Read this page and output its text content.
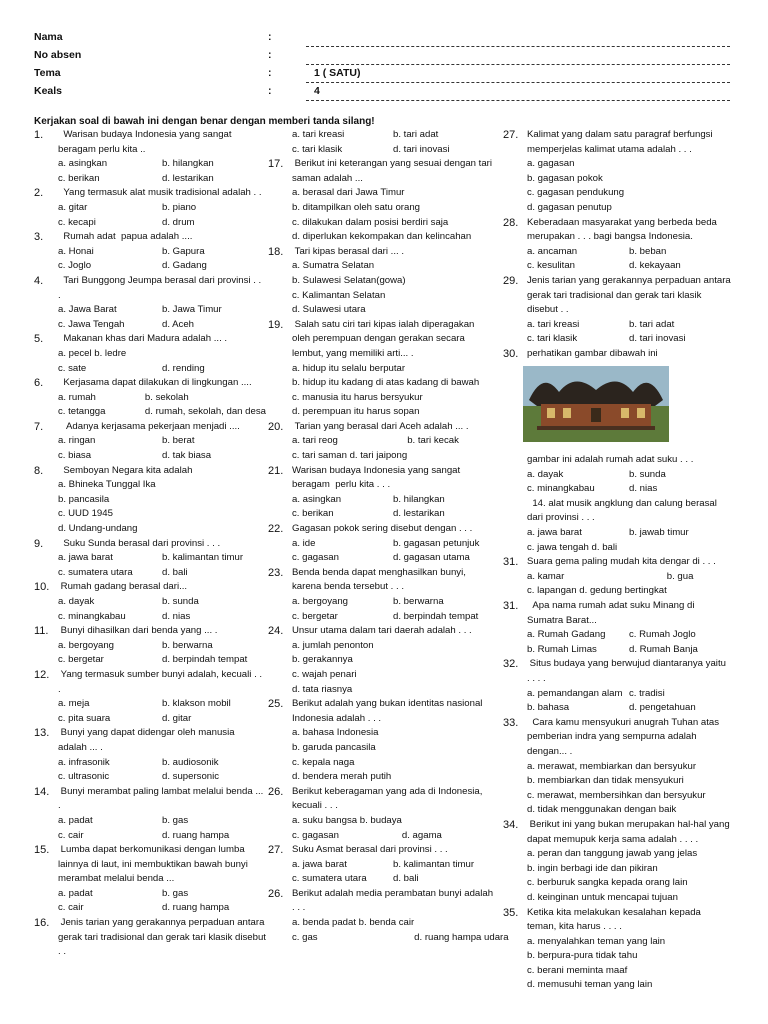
Nama	:
No absen	:
Tema	:	1 ( SATU)
Keals	:	4
Kerjakan soal di bawah ini dengan benar dengan memberi tanda silang!
1. Warisan budaya Indonesia yang sangat beragam perlu kita ..
a. asingkan	b. hilangkan
c. berikan	d. lestarikan
2. Yang termasuk alat musik tradisional adalah . .
a. gitar	b. piano
c. kecapi	d. drum
3. Rumah adat  papua adalah ....
a. Honai	b. Gapura
c. Joglo	d. Gadang
4. Tari Bunggong Jeumpa berasal dari provinsi . . .
a. Jawa Barat	b. Jawa Timur
c. Jawa Tengah	d. Aceh
5. Makanan khas dari Madura adalah ... .
a. pecel b. ledre
c. sate	d. rending
6. Kerjasama dapat dilakukan di lingkungan ....
a. rumah	b. sekolah
c. tetangga	d. rumah, sekolah, dan desa
7. Adanya kerjasama pekerjaan menjadi ....
a. ringan	b. berat
c. biasa	d. tak biasa
8. Semboyan Negara kita adalah
a. Bhineka Tunggal Ika
b. pancasila
c. UUD 1945
d. Undang-undang
9. Suku Sunda berasal dari provinsi . . .
a. jawa barat	b. kalimantan timur
c. sumatera utara	d. bali
10. Rumah gadang berasal dari...
a. dayak	b. sunda
c. minangkabau	d. nias
11. Bunyi dihasilkan dari benda yang ... .
a. bergoyang	b. berwarna
c. bergetar	d. berpindah tempat
12. Yang termasuk sumber bunyi adalah, kecuali . . .
a. meja	b. klakson mobil
c. pita suara	d. gitar
13. Bunyi yang dapat didengar oleh manusia   adalah ... .
a. infrasonik	b. audiosonik
c. ultrasonic	d. supersonic
14. Bunyi merambat paling lambat melalui benda ... .
a. padat	b. gas
c. cair	d. ruang hampa
15. Lumba dapat berkomunikasi dengan lumba lainnya di laut, ini membuktikan bawah bunyi merambat melalui benda ...
a. padat	b. gas
c. cair	d. ruang hampa
16. Jenis tarian yang gerakannya perpaduan antara gerak tari tradisional dan gerak tari klasik disebut . .
a. tari kreasi	b. tari adat
c. tari klasik	d. tari inovasi
17. Berikut ini keterangan yang sesuai dengan tari saman adalah ...
a. berasal dari Jawa Timur
b. ditampilkan oleh satu orang
c. dilakukan dalam posisi berdiri saja
d. diperlukan kekompakan dan kelincahan
18. Tari kipas berasal dari ... .
a. Sumatra Selatan
b. Sulawesi Selatan(gowa)
c. Kalimantan Selatan
d. Sulawesi utara
19. Salah satu ciri tari kipas ialah diperagakan oleh perempuan dengan gerakan secara lembut, yang memiliki arti... .
a. hidup itu selalu berputar
b. hidup itu kadang di atas kadang di bawah
c. manusia itu harus bersyukur
d. perempuan itu harus sopan
20. Tarian yang berasal dari Aceh adalah ... .
a. tari reog	b. tari kecak
c. tari saman d. tari jaipong
21. Warisan budaya Indonesia yang sangat beragam  perlu kita . . .
a. asingkan	b. hilangkan
c. berikan	d. lestarikan
22. Gagasan pokok sering disebut dengan . . .
a. ide	b. gagasan petunjuk
c. gagasan	d. gagasan utama
23. Benda benda dapat menghasilkan bunyi, karena benda tersebut . . .
a. bergoyang	b. berwarna
c. bergetar	d. berpindah tempat
24. Unsur utama dalam tari daerah adalah . . .
a. jumlah penonton
b. gerakannya
c. wajah penari
d. tata riasnya
25. Berikut adalah yang bukan identitas nasional Indonesia adalah . . .
a. bahasa Indonesia
b. garuda pancasila
c. kepala naga
d. bendera merah putih
26. Berikut keberagaman yang ada di Indonesia, kecuali . . .
a. suku bangsa b. budaya
c. gagasan	d. agama
27. Suku Asmat berasal dari provinsi . . .
a. jawa barat	b. kalimantan timur
c. sumatera utara	d. bali
26. Berikut adalah media perambatan bunyi adalah . . .
a. benda padat b. benda cair
c. gas	d. ruang hampa udara
27. Kalimat yang dalam satu paragraf berfungsi memperjelas kalimat utama adalah . . .
a. gagasan
b. gagasan pokok
c. gagasan pendukung
d. gagasan penutup
28. Keberadaan masyarakat yang berbeda beda merupakan . . . bagi bangsa Indonesia.
a. ancaman	b. beban
c. kesulitan	d. kekayaan
29. Jenis tarian yang gerakannya perpaduan antara gerak tari tradisional dan gerak tari klasik disebut . .
a. tari kreasi	b. tari adat
c. tari klasik	d. tari inovasi
30. perhatikan gambar dibawah ini
gambar ini adalah rumah adat suku . . .
a. dayak	b. sunda
c. minangkabau	d. nias
14. alat musik angklung dan calung berasal dari provinsi . . .
a. jawa barat	b. jawab timur
c. jawa tengah d. bali
31. Suara gema paling mudah kita dengar di . . .
a. kamar	b. gua
c. lapangan d. gedung bertingkat
31. Apa nama rumah adat suku Minang di Sumatra Barat...
a. Rumah Gadang	c. Rumah Joglo
b. Rumah Limas	d. Rumah Banja
32. Situs budaya yang berwujud diantaranya yaitu . . . .
a. pemandangan alam c. tradisi
b. bahasa	d. pengetahuan
33. Cara kamu mensyukuri anugrah Tuhan atas pemberian indra yang sempurna adalah dengan... .
a. merawat, membiarkan dan bersyukur
b. membiarkan dan tidak mensyukuri
c. merawat, membersihkan dan bersyukur
d. tidak menggunakan dengan baik
34. Berikut ini yang bukan merupakan hal-hal yang dapat memupuk kerja sama adalah . . . .
a. peran dan tanggung jawab yang jelas
b. ingin berbagi ide dan pikiran
c. berburuk sangka kepada orang lain
d. keinginan untuk mencapai tujuan
35. Ketika kita melakukan kesalahan kepada teman, kita harus . . . .
a. menyalahkan teman yang lain
b. berpura-pura tidak tahu
c. berani meminta maaf
d. memusuhi teman yang lain
